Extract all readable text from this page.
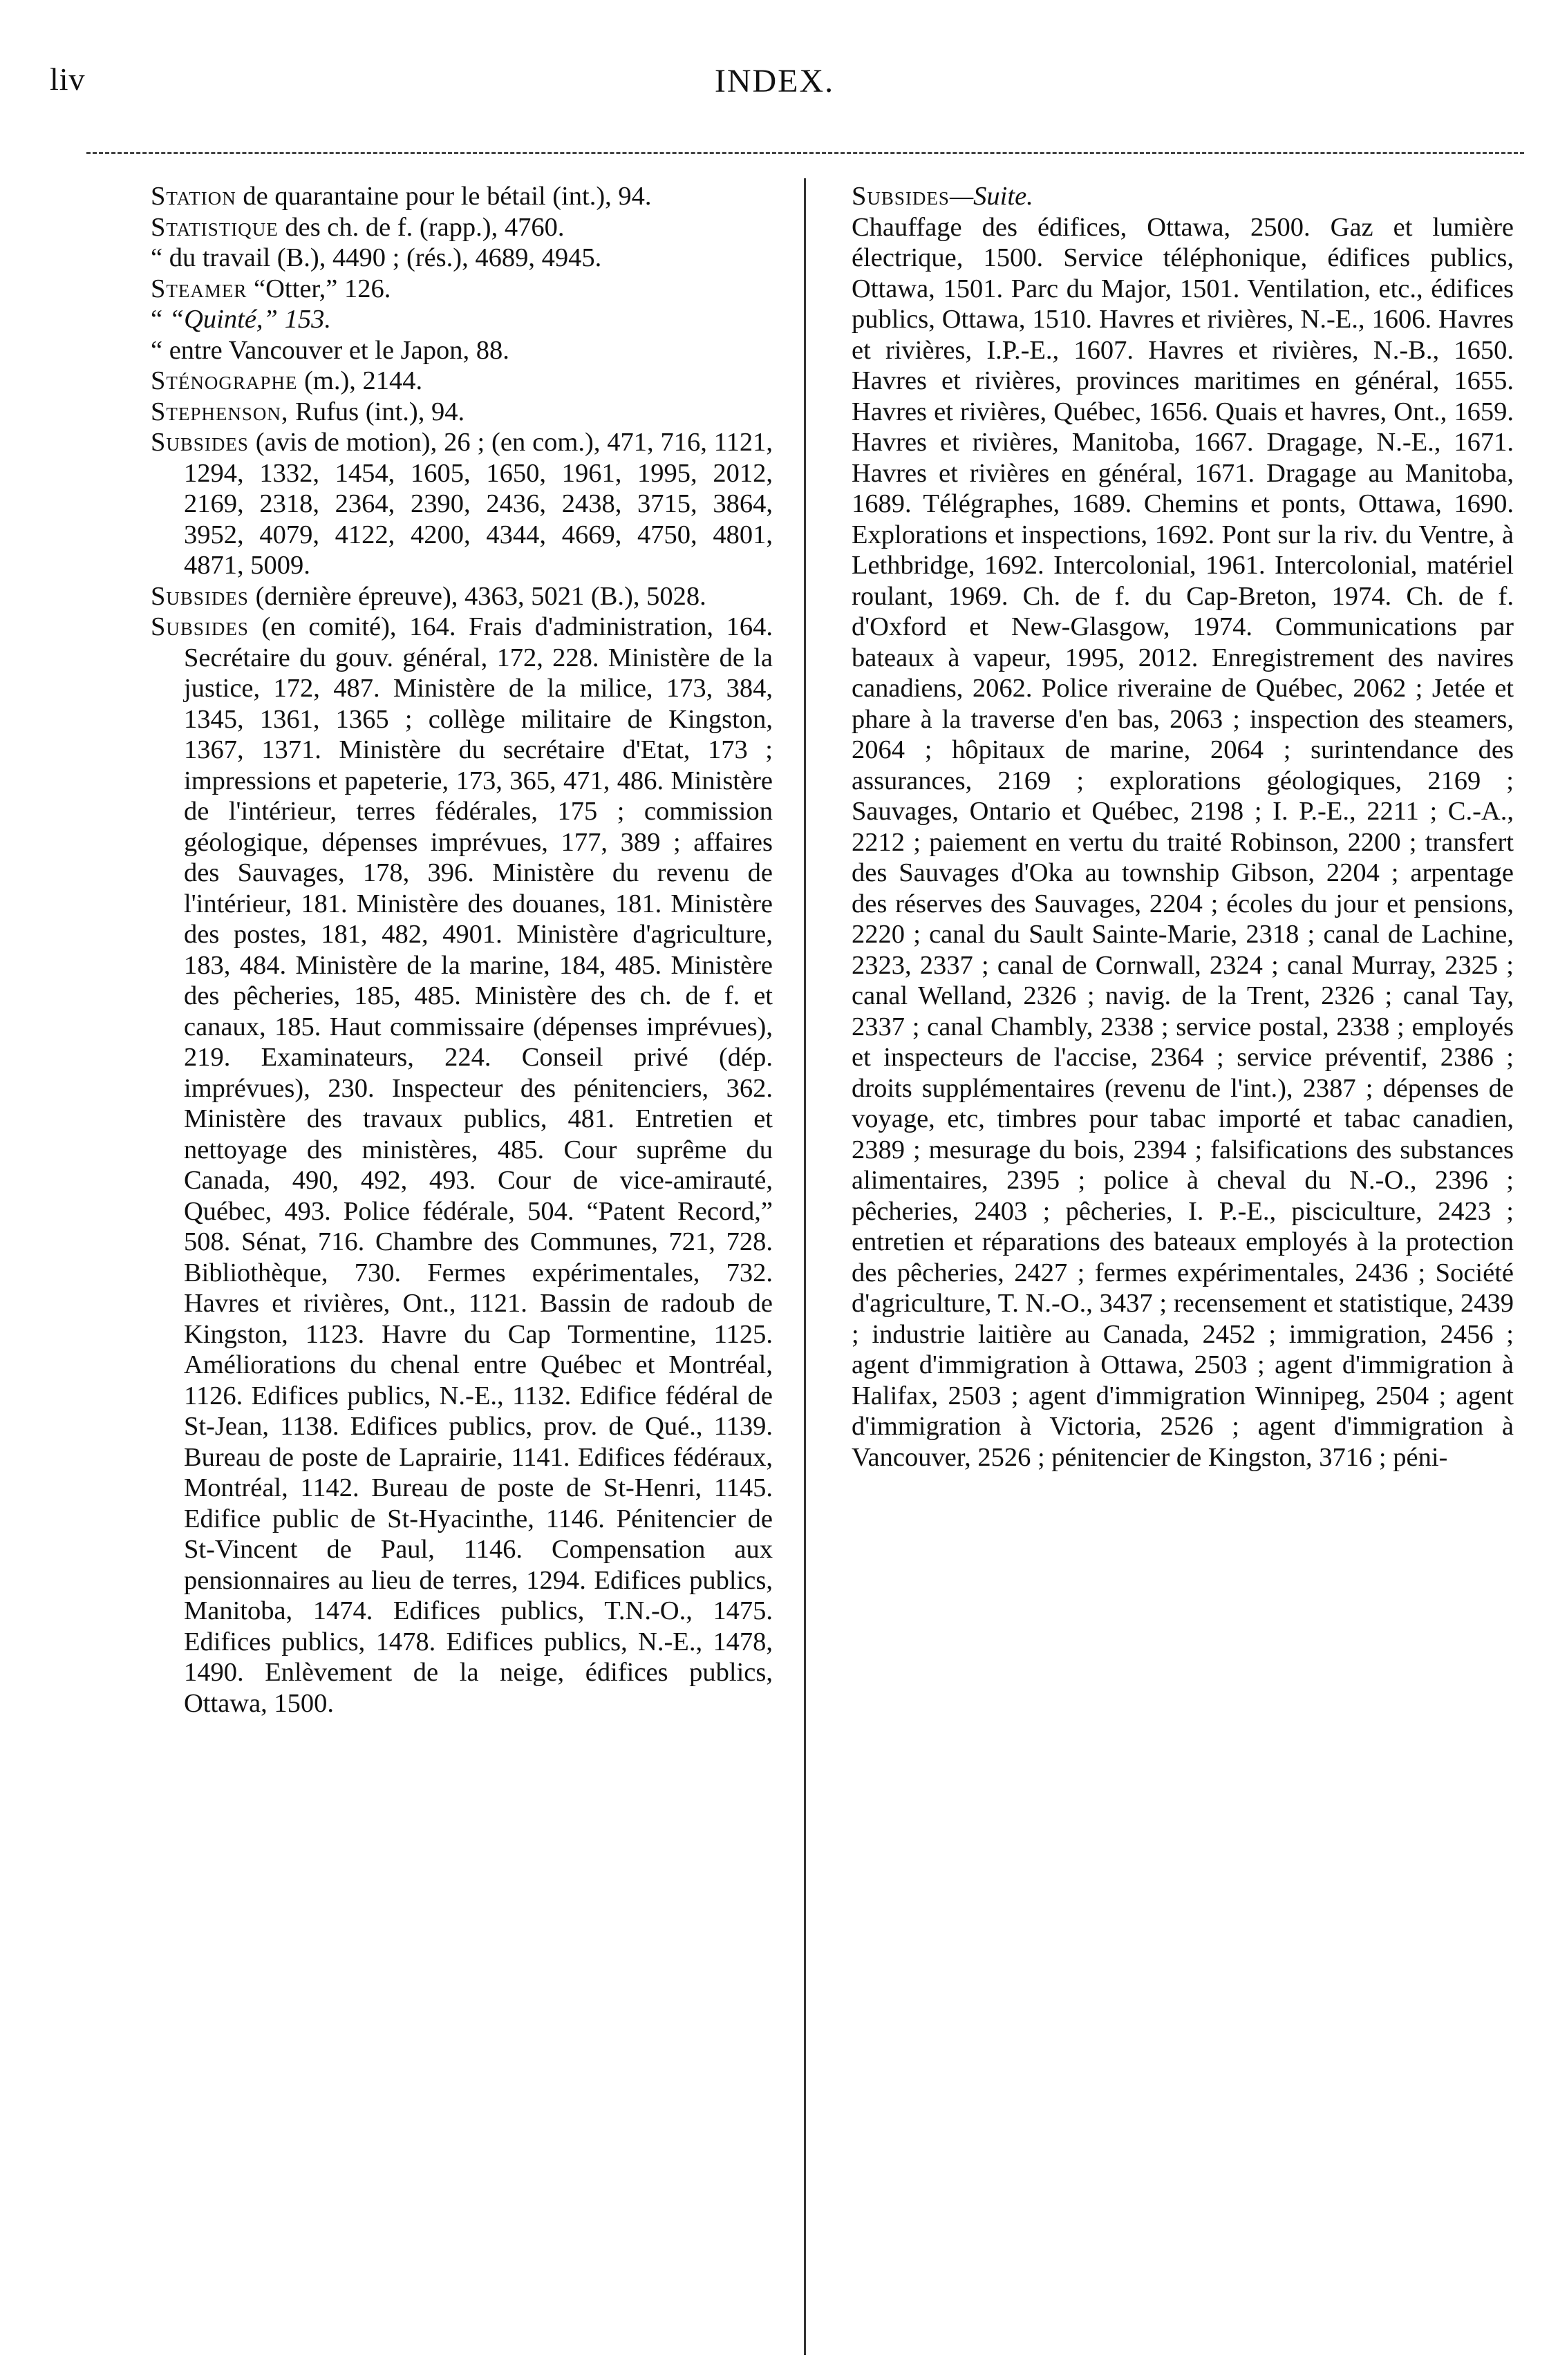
liv	INDEX.

Station de quarantaine pour le bétail (int.), 94.

Statistique des ch. de f. (rapp.), 4760.

“ du travail (B.), 4490 ; (rés.), 4689, 4945.

Steamer “Otter,” 126.

“ “Quinté,” 153.

“ entre Vancouver et le Japon, 88.

Sténographe (m.), 2144.

Stephenson, Rufus (int.), 94.

Subsides (avis de motion), 26 ; (en com.), 471, 716, 1121, 1294, 1332, 1454, 1605, 1650, 1961, 1995, 2012, 2169, 2318, 2364, 2390, 2436, 2438, 3715, 3864, 3952, 4079, 4122, 4200, 4344, 4669, 4750, 4801, 4871, 5009.

Subsides (dernière épreuve), 4363, 5021 (B.), 5028.

Subsides (en comité), 164. Frais d'administration, 164. Secrétaire du gouv. général, 172, 228. Ministère de la justice, 172, 487. Ministère de la milice, 173, 384, 1345, 1361, 1365 ; collège militaire de Kingston, 1367, 1371. Ministère du secrétaire d'Etat, 173 ; impressions et papeterie, 173, 365, 471, 486. Ministère de l'intérieur, terres fédérales, 175 ; commission géologique, dépenses imprévues, 177, 389 ; affaires des Sauvages, 178, 396. Ministère du revenu de l'intérieur, 181. Ministère des douanes, 181. Ministère des postes, 181, 482, 4901. Ministère d'agriculture, 183, 484. Ministère de la marine, 184, 485. Ministère des pêcheries, 185, 485. Ministère des ch. de f. et canaux, 185. Haut commissaire (dépenses imprévues), 219. Examinateurs, 224. Conseil privé (dép. imprévues), 230. Inspecteur des pénitenciers, 362. Ministère des travaux publics, 481. Entretien et nettoyage des ministères, 485. Cour suprême du Canada, 490, 492, 493. Cour de vice-amirauté, Québec, 493. Police fédérale, 504. “Patent Record,” 508. Sénat, 716. Chambre des Communes, 721, 728. Bibliothèque, 730. Fermes expérimentales, 732. Havres et rivières, Ont., 1121. Bassin de radoub de Kingston, 1123. Havre du Cap Tormentine, 1125. Améliorations du chenal entre Québec et Montréal, 1126. Edifices publics, N.-E., 1132. Edifice fédéral de St-Jean, 1138. Edifices publics, prov. de Qué., 1139. Bureau de poste de Laprairie, 1141. Edifices fédéraux, Montréal, 1142. Bureau de poste de St-Henri, 1145. Edifice public de St-Hyacinthe, 1146. Pénitencier de St-Vincent de Paul, 1146. Compensation aux pensionnaires au lieu de terres, 1294. Edifices publics, Manitoba, 1474. Edifices publics, T.N.-O., 1475. Edifices publics, 1478. Edifices publics, N.-E., 1478, 1490. Enlèvement de la neige, édifices publics, Ottawa, 1500.

Subsides—Suite.

Chauffage des édifices, Ottawa, 2500. Gaz et lumière électrique, 1500. Service téléphonique, édifices publics, Ottawa, 1501. Parc du Major, 1501. Ventilation, etc., édifices publics, Ottawa, 1510. Havres et rivières, N.-E., 1606. Havres et rivières, I.P.-E., 1607. Havres et rivières, N.-B., 1650. Havres et rivières, provinces maritimes en général, 1655. Havres et rivières, Québec, 1656. Quais et havres, Ont., 1659. Havres et rivières, Manitoba, 1667. Dragage, N.-E., 1671. Havres et rivières en général, 1671. Dragage au Manitoba, 1689. Télégraphes, 1689. Chemins et ponts, Ottawa, 1690. Explorations et inspections, 1692. Pont sur la riv. du Ventre, à Lethbridge, 1692. Intercolonial, 1961. Intercolonial, matériel roulant, 1969. Ch. de f. du Cap-Breton, 1974. Ch. de f. d'Oxford et New-Glasgow, 1974. Communications par bateaux à vapeur, 1995, 2012. Enregistrement des navires canadiens, 2062. Police riveraine de Québec, 2062 ; Jetée et phare à la traverse d'en bas, 2063 ; inspection des steamers, 2064 ; hôpitaux de marine, 2064 ; surintendance des assurances, 2169 ; explorations géologiques, 2169 ; Sauvages, Ontario et Québec, 2198 ; I. P.-E., 2211 ; C.-A., 2212 ; paiement en vertu du traité Robinson, 2200 ; transfert des Sauvages d'Oka au township Gibson, 2204 ; arpentage des réserves des Sauvages, 2204 ; écoles du jour et pensions, 2220 ; canal du Sault Sainte-Marie, 2318 ; canal de Lachine, 2323, 2337 ; canal de Cornwall, 2324 ; canal Murray, 2325 ; canal Welland, 2326 ; navig. de la Trent, 2326 ; canal Tay, 2337 ; canal Chambly, 2338 ; service postal, 2338 ; employés et inspecteurs de l'accise, 2364 ; service préventif, 2386 ; droits supplémentaires (revenu de l'int.), 2387 ; dépenses de voyage, etc, timbres pour tabac importé et tabac canadien, 2389 ; mesurage du bois, 2394 ; falsifications des substances alimentaires, 2395 ; police à cheval du N.-O., 2396 ; pêcheries, 2403 ; pêcheries, I. P.-E., pisciculture, 2423 ; entretien et réparations des bateaux employés à la protection des pêcheries, 2427 ; fermes expérimentales, 2436 ; Société d'agriculture, T. N.-O., 3437 ; recensement et statistique, 2439 ; industrie laitière au Canada, 2452 ; immigration, 2456 ; agent d'immigration à Ottawa, 2503 ; agent d'immigration à Halifax, 2503 ; agent d'immigration Winnipeg, 2504 ; agent d'immigration à Victoria, 2526 ; agent d'immigration à Vancouver, 2526 ; pénitencier de Kingston, 3716 ; péni-
